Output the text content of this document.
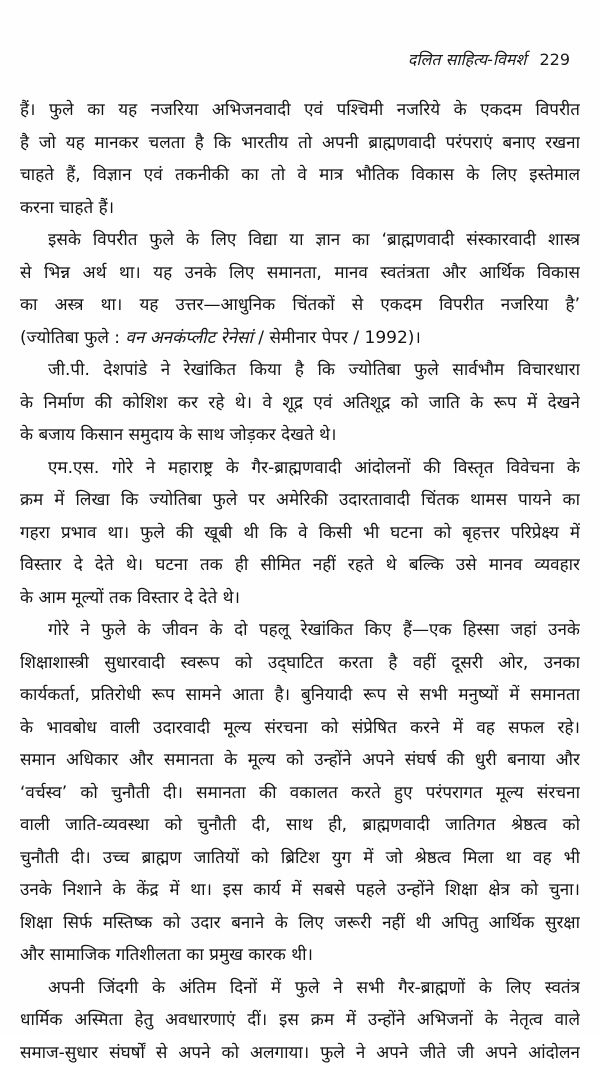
दलित साहित्य-विमर्श 229
हैं। फुले का यह नजरिया अभिजनवादी एवं पश्चिमी नजरिये के एकदम विपरीत
है जो यह मानकर चलता है कि भारतीय तो अपनी ब्राह्मणवादी परंपराएं बनाए रखना
चाहते हैं, विज्ञान एवं तकनीकी का तो वे मात्र भौतिक विकास के लिए इस्तेमाल
करना चाहते हैं।
इसके विपरीत फुले के लिए विद्या या ज्ञान का ‘ब्राह्मणवादी संस्कारवादी शास्त्र
से भिन्न अर्थ था। यह उनके लिए समानता, मानव स्वतंत्रता और आर्थिक विकास
का अस्त्र था। यह उत्तर—आधुनिक चिंतकों से एकदम विपरीत नजरिया है’
(ज्योतिबा फुले : वन अनकंप्लीट रेनेसां / सेमीनार पेपर / 1992)।
जी.पी. देशपांडे ने रेखांकित किया है कि ज्योतिबा फुले सार्वभौम विचारधारा
के निर्माण की कोशिश कर रहे थे। वे शूद्र एवं अतिशूद्र को जाति के रूप में देखने
के बजाय किसान समुदाय के साथ जोड़कर देखते थे।
एम.एस. गोरे ने महाराष्ट्र के गैर-ब्राह्मणवादी आंदोलनों की विस्तृत विवेचना के
क्रम में लिखा कि ज्योतिबा फुले पर अमेरिकी उदारतावादी चिंतक थामस पायने का
गहरा प्रभाव था। फुले की खूबी थी कि वे किसी भी घटना को बृहत्तर परिप्रेक्ष्य में
विस्तार दे देते थे। घटना तक ही सीमित नहीं रहते थे बल्कि उसे मानव व्यवहार
के आम मूल्यों तक विस्तार दे देते थे।
गोरे ने फुले के जीवन के दो पहलू रेखांकित किए हैं—एक हिस्सा जहां उनके
शिक्षाशास्त्री सुधारवादी स्वरूप को उद्‌घाटित करता है वहीं दूसरी ओर, उनका
कार्यकर्ता, प्रतिरोधी रूप सामने आता है। बुनियादी रूप से सभी मनुष्यों में समानता
के भावबोध वाली उदारवादी मूल्य संरचना को संप्रेषित करने में वह सफल रहे।
समान अधिकार और समानता के मूल्य को उन्होंने अपने संघर्ष की धुरी बनाया और
‘वर्चस्व’ को चुनौती दी। समानता की वकालत करते हुए परंपरागत मूल्य संरचना
वाली जाति-व्यवस्था को चुनौती दी, साथ ही, ब्राह्मणवादी जातिगत श्रेष्ठत्व को
चुनौती दी। उच्च ब्राह्मण जातियों को ब्रिटिश युग में जो श्रेष्ठत्व मिला था वह भी
उनके निशाने के केंद्र में था। इस कार्य में सबसे पहले उन्होंने शिक्षा क्षेत्र को चुना।
शिक्षा सिर्फ मस्तिष्क को उदार बनाने के लिए जरूरी नहीं थी अपितु आर्थिक सुरक्षा
और सामाजिक गतिशीलता का प्रमुख कारक थी।
अपनी जिंदगी के अंतिम दिनों में फुले ने सभी गैर-ब्राह्मणों के लिए स्वतंत्र
धार्मिक अस्मिता हेतु अवधारणाएं दीं। इस क्रम में उन्होंने अभिजनों के नेतृत्व वाले
समाज-सुधार संघर्षों से अपने को अलगाया। फुले ने अपने जीते जी अपने आंदोलन
